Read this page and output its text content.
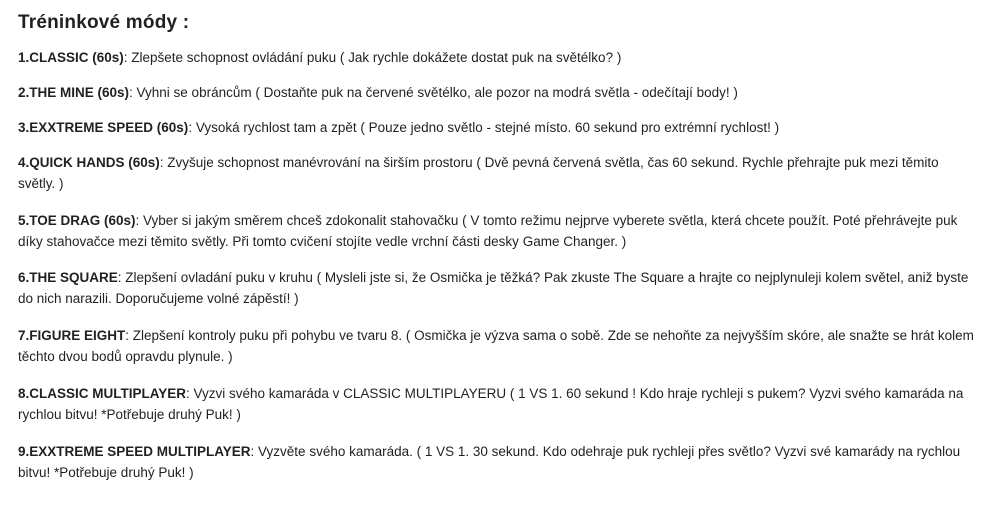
Tréninkové módy :

1.CLASSIC (60s): Zlepšete schopnost ovládání puku ( Jak rychle dokážete dostat puk na světélko? )

2.THE MINE (60s): Vyhni se obráncům ( Dostaňte puk na červené světélko, ale pozor na modrá světla - odečítají body! )

3.EXXTREME SPEED (60s): Vysoká rychlost tam a zpět ( Pouze jedno světlo - stejné místo. 60 sekund pro extrémní rychlost! )

4.QUICK HANDS (60s): Zvyšuje schopnost manévrování na širším prostoru ( Dvě pevná červená světla, čas 60 sekund. Rychle přehrajte puk mezi těmito světly. )

5.TOE DRAG (60s): Vyber si jakým směrem chceš zdokonalit stahovačku ( V tomto režimu nejprve vyberete světla, která chcete použít. Poté přehrávejte puk díky stahovačce mezi těmito světly. Při tomto cvičení stojíte vedle vrchní části desky Game Changer. )

6.THE SQUARE: Zlepšení ovladání puku v kruhu ( Mysleli jste si, že Osmička je těžká? Pak zkuste The Square a hrajte co nejplynuleji kolem světel, aniž byste do nich narazili. Doporučujeme volné zápěstí! )

7.FIGURE EIGHT: Zlepšení kontroly puku při pohybu ve tvaru 8. ( Osmička je výzva sama o sobě. Zde se nehoňte za nejvyšším skóre, ale snažte se hrát kolem těchto dvou bodů opravdu plynule. )

8.CLASSIC MULTIPLAYER: Vyzvi svého kamaráda v CLASSIC MULTIPLAYERU ( 1 VS 1. 60 sekund ! Kdo hraje rychleji s pukem? Vyzvi svého kamaráda na rychlou bitvu! *Potřebuje druhý Puk! )

9.EXXTREME SPEED MULTIPLAYER: Vyzvěte svého kamaráda. ( 1 VS 1. 30 sekund. Kdo odehraje puk rychleji přes světlo? Vyzvi své kamarády na rychlou bitvu! *Potřebuje druhý Puk! )
